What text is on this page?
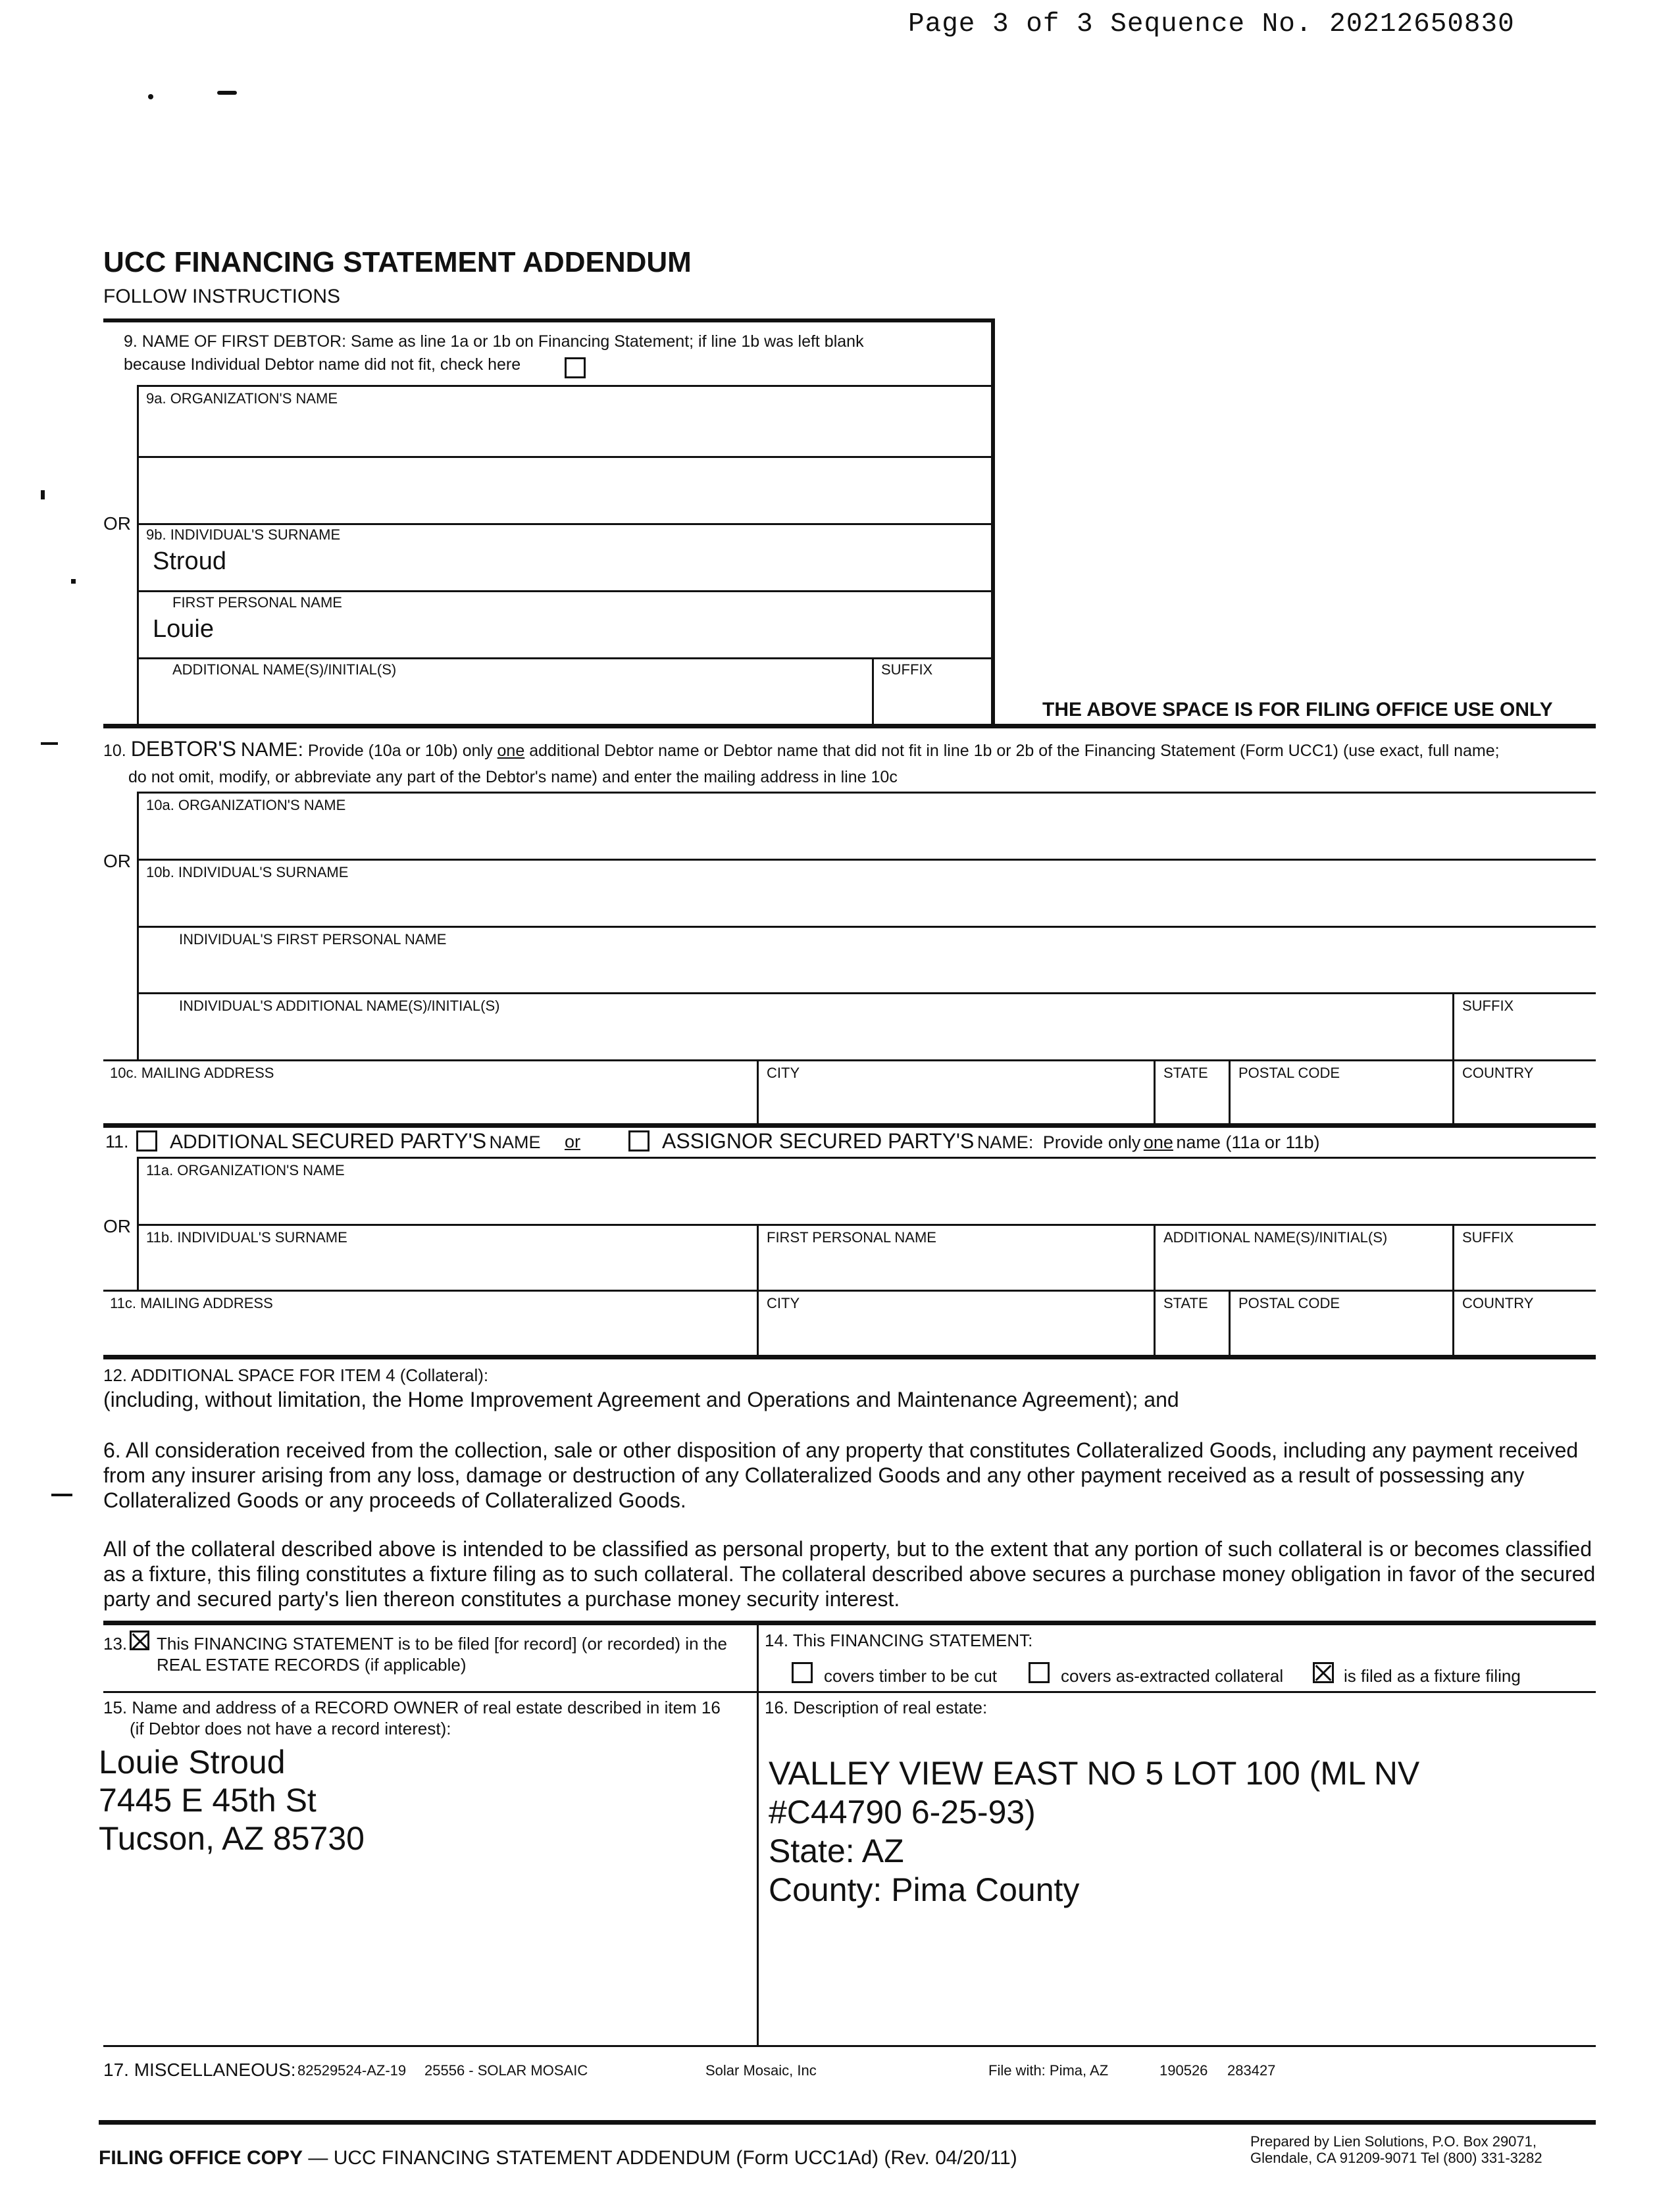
Page 3 of 3 Sequence No. 20212650830
UCC FINANCING STATEMENT ADDENDUM
FOLLOW INSTRUCTIONS
9. NAME OF FIRST DEBTOR: Same as line 1a or 1b on Financing Statement; if line 1b was left blank
because Individual Debtor name did not fit, check here
9a. ORGANIZATION'S NAME
OR
9b. INDIVIDUAL'S SURNAME
Stroud
FIRST PERSONAL NAME
Louie
ADDITIONAL NAME(S)/INITIAL(S)	SUFFIX
THE ABOVE SPACE IS FOR FILING OFFICE USE ONLY
10. DEBTOR'S NAME: Provide (10a or 10b) only one additional Debtor name or Debtor name that did not fit in line 1b or 2b of the Financing Statement (Form UCC1) (use exact, full name;
do not omit, modify, or abbreviate any part of the Debtor's name) and enter the mailing address in line 10c
10a. ORGANIZATION'S NAME
OR
10b. INDIVIDUAL'S SURNAME
INDIVIDUAL'S FIRST PERSONAL NAME
INDIVIDUAL'S ADDITIONAL NAME(S)/INITIAL(S)	SUFFIX
10c. MAILING ADDRESS	CITY	STATE POSTAL CODE	COUNTRY
11. ADDITIONAL SECURED PARTY'S NAME or	ASSIGNOR SECURED PARTY'S NAME: Provide only one name (11a or 11b)
11a. ORGANIZATION'S NAME
OR
11b. INDIVIDUAL'S SURNAME	FIRST PERSONAL NAME	ADDITIONAL NAME(S)/INITIAL(S)	SUFFIX
11c. MAILING ADDRESS	CITY	STATE POSTAL CODE	COUNTRY
12. ADDITIONAL SPACE FOR ITEM 4 (Collateral):
(including, without limitation, the Home Improvement Agreement and Operations and Maintenance Agreement); and
6. All consideration received from the collection, sale or other disposition of any property that constitutes Collateralized Goods, including any payment received from any insurer arising from any loss, damage or destruction of any Collateralized Goods and any other payment received as a result of possessing any Collateralized Goods or any proceeds of Collateralized Goods.
All of the collateral described above is intended to be classified as personal property, but to the extent that any portion of such collateral is or becomes classified as a fixture, this filing constitutes a fixture filing as to such collateral. The collateral described above secures a purchase money obligation in favor of the secured party and secured party's lien thereon constitutes a purchase money security interest.
13. This FINANCING STATEMENT is to be filed [for record] (or recorded) in the
REAL ESTATE RECORDS (if applicable)
14. This FINANCING STATEMENT:
covers timber to be cut	covers as-extracted collateral	is filed as a fixture filing
15. Name and address of a RECORD OWNER of real estate described in item 16
(if Debtor does not have a record interest):
Louie Stroud
7445 E 45th St
Tucson, AZ 85730
16. Description of real estate:
VALLEY VIEW EAST NO 5 LOT 100 (ML NV
#C44790 6-25-93)
State: AZ
County: Pima County
17. MISCELLANEOUS: 82529524-AZ-19 25556 - SOLAR MOSAIC	Solar Mosaic, Inc	File with: Pima, AZ	190526 283427
FILING OFFICE COPY — UCC FINANCING STATEMENT ADDENDUM (Form UCC1Ad) (Rev. 04/20/11)
Prepared by Lien Solutions, P.O. Box 29071,
Glendale, CA 91209-9071 Tel (800) 331-3282
